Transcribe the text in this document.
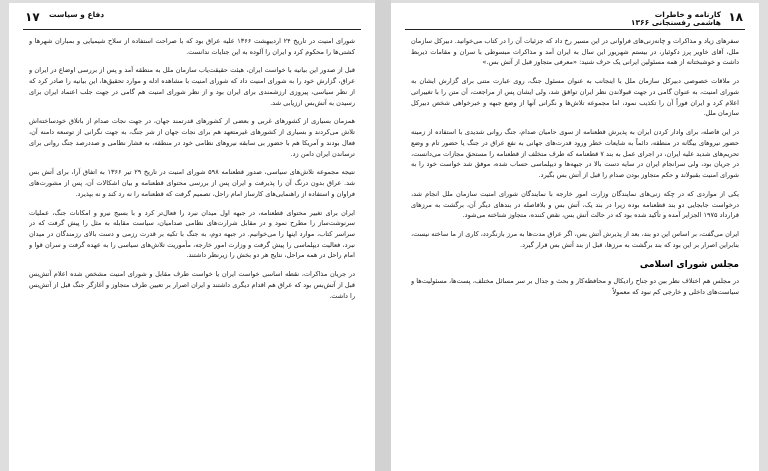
۱۷ دفاع و سیاست

شورای امنیت در تاریخ ۲۴ اردیبهشت ۱۳۶۶ علیه عراق بود که با صراحت استفاده از سلاح شیمیایی و بمباران شهرها و کشتی‌ها را محکوم کرد و ایران را آلوده به این جنایات ندانست.

قبل از صدور این بیانیه با خواست ایران، هیئت حقیقت‌یاب سازمان ملل به منطقه آمد و پس از بررسی اوضاع در ایران و عراق، گزارش خود را به شورای امنیت داد که شورای امنیت با مشاهده ادله و موارد تحقیق‌ها، این بیانیه را صادر کرد که از نظر سیاسی، پیروزی ارزشمندی برای ایران بود و از نظر شورای امنیت هم گامی در جهت جلب اعتماد ایران برای رسیدن به آتش‌بس ارزیابی شد.

همزمان بسیاری از کشورهای غربی و بعضی از کشورهای قدرتمند جهان، در جهت نجات صدام از باتلاق خودساخته‌اش تلاش می‌کردند و بسیاری از کشورهای غیرمتعهد هم برای نجات جهان از شر جنگ، به جهت نگرانی از توسعه دامنه آن، فعال بودند و آمریکا هم با حضور بی سابقه نیروهای نظامی خود در منطقه، به فشار نظامی و صددرصد جنگ روانی برای ترساندن ایران دامن زد.

نتیجه مجموعه تلاش‌های سیاسی، صدور قطعنامه ۵۹۸ شورای امنیت در تاریخ ۲۹ تیر ۱۳۶۶ به اتفاق آرا، برای آتش بس شد. عراق بدون درنگ آن را پذیرفت و ایران پس از بررسی محتوای قطعنامه و بیان اشکالات آن، پس از مشورت‌های فراوان و استفاده از راهنمایی‌های کارساز امام راحل، تصمیم گرفت که قطعنامه را نه رد کند و نه بپذیرد.

ایران برای تغییر محتوای قطعنامه، در جبهه اول میدان نبرد را فعال‌تر کرد و با بسیج نیرو و امکانات جنگ، عملیات سرنوشت‌ساز را مطرح نمود و در مقابل شرارت‌های نظامی صدامیان، سیاست مقابله به مثل را پیش گرفت که در سراسر کتاب، موارد اینها را می‌خوانیم. در جبهه دوم، به جنگ با تکیه بر قدرت رزمی و دست بالای رزمندگان در میدان نبرد، فعالیت دیپلماسی را پیش گرفت و وزارت امور خارجه، مأموریت تلاش‌های سیاسی را به عهده گرفت و سران قوا و امام راحل در همه مراحل، نتایج هر دو بخش را زیرنظر داشتند.

در جریان مذاکرات، نقطه اساسی خواست ایران یا خواست طرف مقابل و شورای امنیت مشخص شده اعلام آتش‌بس قبل از آتش‌بس بود که عراق هم اقدام دیگری داشتند و ایران اصرار بر تعیین طرف متجاوز و آغازگر جنگ قبل از آتش‌بس را داشت.

۱۸
کارنامه و خاطرات
هاشمی رفسنجانی ۱۳۶۶

سفرهای زیاد و مذاکرات و چانه‌زنی‌های فراوانی در این مسیر رخ داد که جزئیات آن را در کتاب می‌خوانید. دبیرکل سازمان ملل، آقای خاویر پرز دکوئیار، در بیستم شهریور این سال به ایران آمد و مذاکرات مبسوطی با سران و مقامات ذیربط داشت و خوشبختانه از همه مسئولین ایرانی یک حرف شنید: «معرفی متجاوز قبل از آتش بس.»

در ملاقات خصوصی دبیرکل سازمان ملل با اینجانب به عنوان مسئول جنگ، روی عبارت متنی برای گزارش ایشان به شورای امنیت، به عنوان گامی در جهت قبولاندن نظر ایران توافق شد، ولی ایشان پس از مراجعت، آن متن را با تغییراتی اعلام کرد و ایران فوراً آن را تکذیب نمود، اما مجموعه تلاش‌ها و نگرانی آنها از وضع جبهه و خبرخواهی شخص دبیرکل سازمان ملل.

در این فاصله، برای وادار کردن ایران به پذیرش قطعنامه از سوی حامیان صدام، جنگ روانی شدیدی با استفاده از زمینه حضور نیروهای بیگانه در منطقه، دائماً به شایعات خطر ورود قدرت‌های جهانی به نفع عراق در جنگ یا حضور تام و وضع تحریم‌های شدید علیه ایران، در اجرای عمل به بند ۷ قطعنامه که طرف متخلف از قطعنامه را مستحق مجازات می‌دانست، در جریان بود، ولی سرانجام ایران در سایه دست بالا در جبهه‌ها و دیپلماسی حساب شده، موفق شد خواست خود را به شورای امنیت بقبولاند و حکم متجاوز بودن صدام را قبل از آتش بس بگیرد.

یکی از مواردی که در چکه زنی‌های نمایندگان وزارت امور خارجه با نمایندگان شورای امنیت سازمان ملل انجام شد، درخواست جابجایی دو بند قطعنامه بوده زیرا در بند یک، آتش بس و بلافاصله در بندهای دیگر آن، برگشت به مرزهای قرارداد ۱۹۷۵ الجزایر آمده و تأکید شده بود که در حالت آتش بس، نقض کننده، متجاوز شناخته می‌شود.

ایران می‌گفت، بر اساس این دو بند، بعد از پذیرش آتش بس، اگر عراق مدت‌ها به مرز بازنگردد، کاری از ما ساخته نیست، بنابراین اصرار بر این بود که بند برگشت به مرزها، قبل از بند آتش بس قرار گیرد.

مجلس شورای اسلامی

در مجلس هم اختلاف نظر بین دو جناح رادیکال و محافظه‌کار و بحث و جدال بر سر مسائل مختلف، پست‌ها، مسئولیت‌ها و سیاست‌های داخلی و خارجی کم نبود که معمولاً
